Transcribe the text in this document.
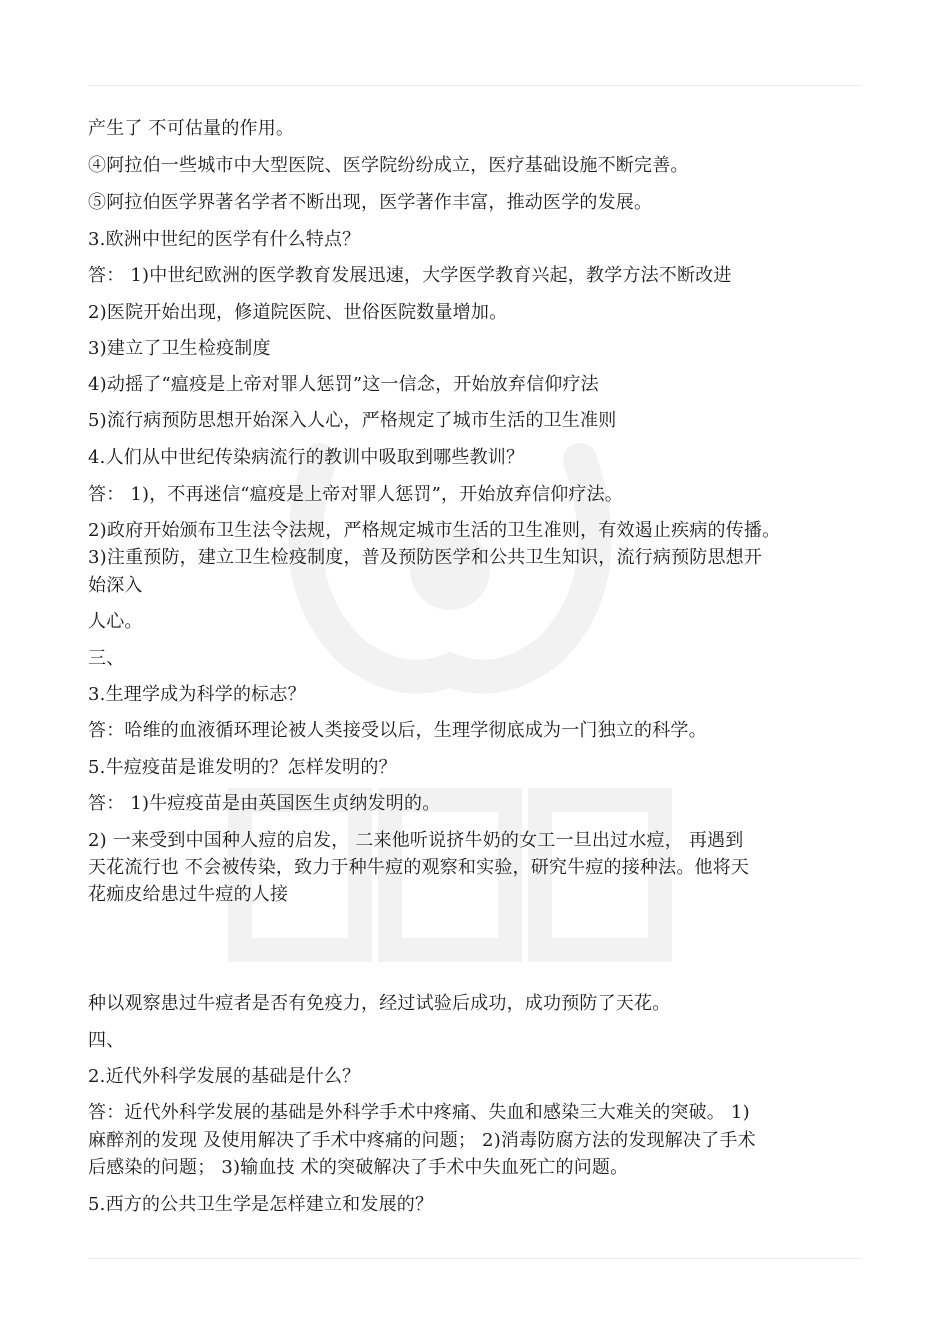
产生了 不可估量的作用。
④阿拉伯一些城市中大型医院、医学院纷纷成立，医疗基础设施不断完善。
⑤阿拉伯医学界著名学者不断出现，医学著作丰富，推动医学的发展。
3.欧洲中世纪的医学有什么特点？
答： 1)中世纪欧洲的医学教育发展迅速，大学医学教育兴起，教学方法不断改进
2)医院开始出现，修道院医院、世俗医院数量增加。
3)建立了卫生检疫制度
4)动摇了“瘟疫是上帝对罪人惩罚”这一信念，开始放弃信仰疗法
5)流行病预防思想开始深入人心，严格规定了城市生活的卫生准则
4.人们从中世纪传染病流行的教训中吸取到哪些教训？
答： 1)，不再迷信“瘟疫是上帝对罪人惩罚”，开始放弃信仰疗法。
2)政府开始颁布卫生法令法规，严格规定城市生活的卫生准则，有效遏止疾病的传播。
3)注重预防，建立卫生检疫制度，普及预防医学和公共卫生知识，流行病预防思想开
始深入
人心。
三、
3.生理学成为科学的标志？
答：哈维的血液循环理论被人类接受以后，生理学彻底成为一门独立的科学。
5.牛痘疫苗是谁发明的？怎样发明的？
答： 1)牛痘疫苗是由英国医生贞纳发明的。
2) 一来受到中国种人痘的启发， 二来他听说挤牛奶的女工一旦出过水痘， 再遇到
天花流行也 不会被传染，致力于种牛痘的观察和实验，研究牛痘的接种法。他将天
花痂皮给患过牛痘的人接
种以观察患过牛痘者是否有免疫力，经过试验后成功，成功预防了天花。
四、
2.近代外科学发展的基础是什么？
答：近代外科学发展的基础是外科学手术中疼痛、失血和感染三大难关的突破。 1)
麻醉剂的发现 及使用解决了手术中疼痛的问题； 2)消毒防腐方法的发现解决了手术
后感染的问题； 3)输血技 术的突破解决了手术中失血死亡的问题。
5.西方的公共卫生学是怎样建立和发展的？
